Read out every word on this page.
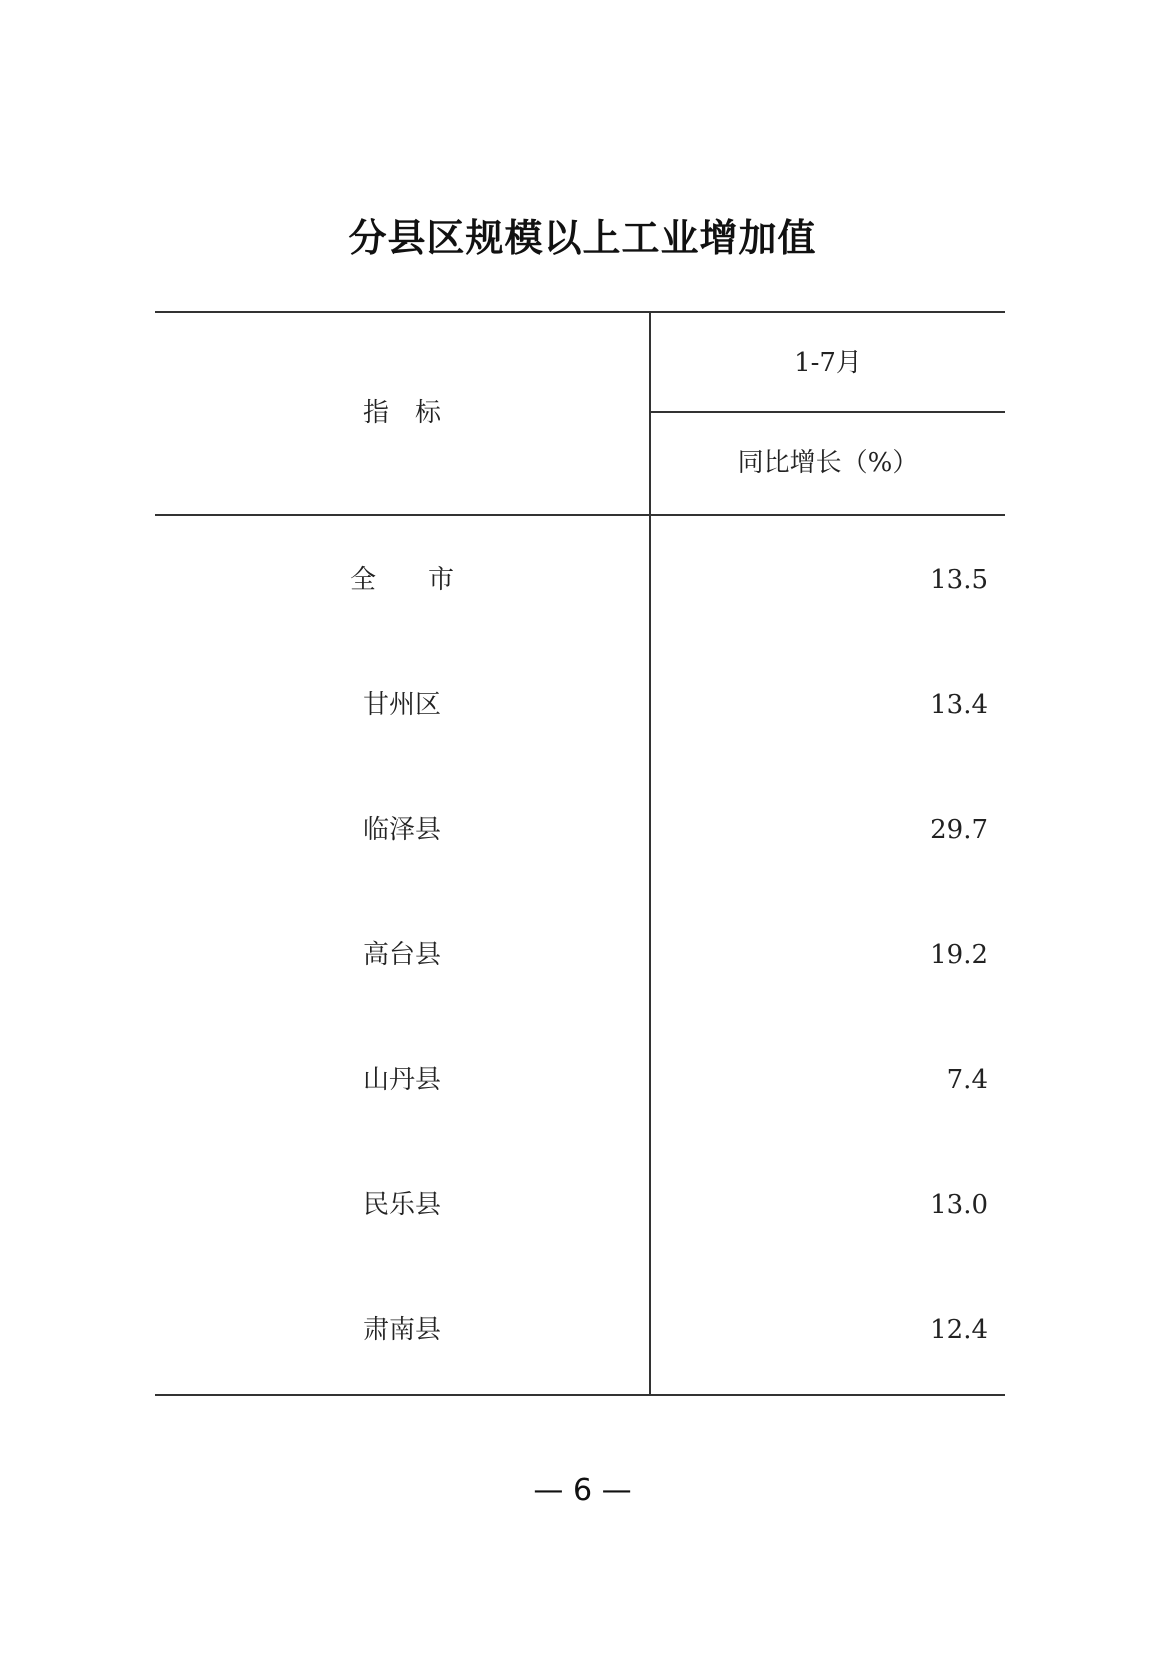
分县区规模以上工业增加值
指　标
1-7月
同比增长（%）
全　　市	13.5
甘州区	13.4
临泽县	29.7
高台县	19.2
山丹县	7.4
民乐县	13.0
肃南县	12.4
— 6 —
